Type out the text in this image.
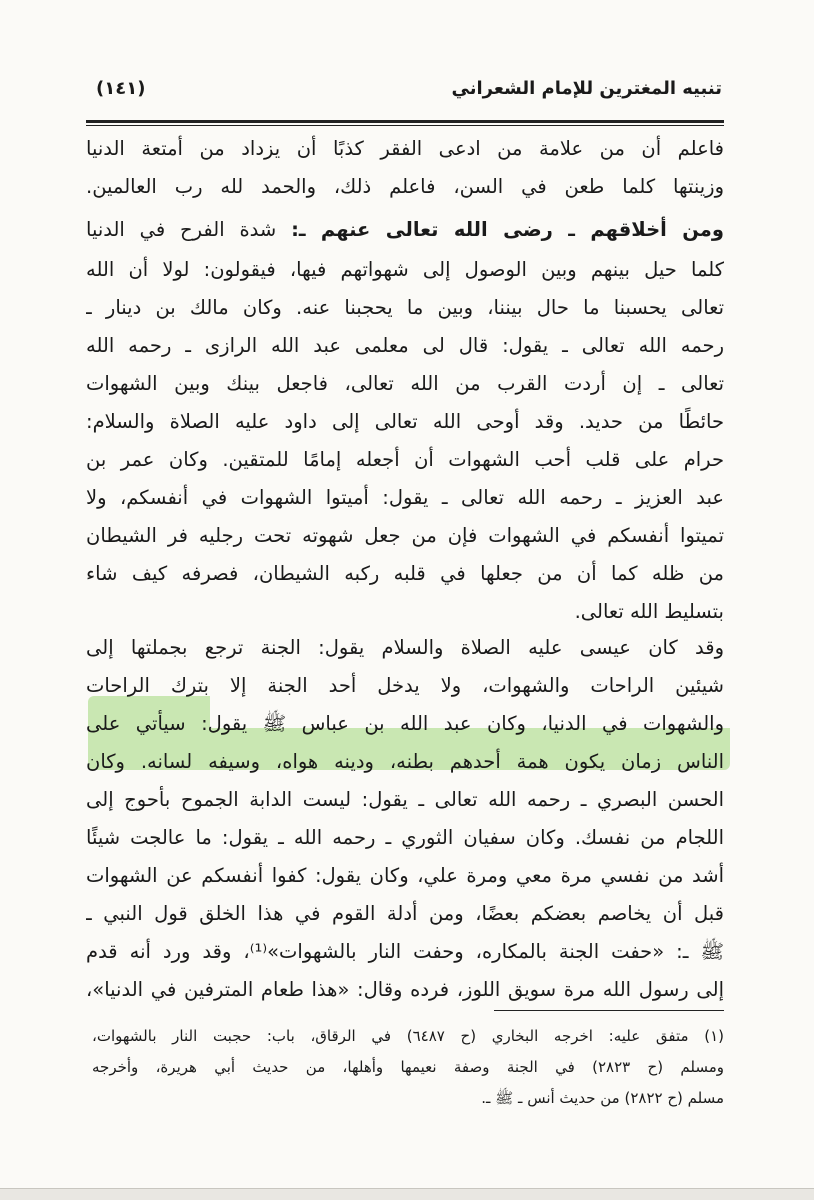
تنبيه المغترين للإمام الشعراني
(١٤١)
فاعلم أن من علامة من ادعى الفقر كذبًا أن يزداد من أمتعة الدنيا
وزينتها كلما طعن في السن، فاعلم ذلك، والحمد لله رب العالمين.
ومن أخلاقهم ـ رضى الله تعالى عنهم ـ: شدة الفرح في الدنيا
كلما حيل بينهم وبين الوصول إلى شهواتهم فيها، فيقولون: لولا أن الله
تعالى يحسبنا ما حال بيننا، وبين ما يحجبنا عنه. وكان مالك بن دينار ـ
رحمه الله تعالى ـ يقول: قال لى معلمى عبد الله الرازى ـ رحمه الله
تعالى ـ إن أردت القرب من الله تعالى، فاجعل بينك وبين الشهوات
حائطًا من حديد. وقد أوحى الله تعالى إلى داود عليه الصلاة والسلام:
حرام على قلب أحب الشهوات أن أجعله إمامًا للمتقين. وكان عمر بن
عبد العزيز ـ رحمه الله تعالى ـ يقول: أميتوا الشهوات في أنفسكم، ولا
تميتوا أنفسكم في الشهوات فإن من جعل شهوته تحت رجليه فر الشيطان
من ظله كما أن من جعلها في قلبه ركبه الشيطان، فصرفه كيف شاء
بتسليط الله تعالى.
وقد كان عيسى عليه الصلاة والسلام يقول: الجنة ترجع بجملتها إلى
شيئين الراحات والشهوات، ولا يدخل أحد الجنة إلا بترك الراحات
والشهوات في الدنيا، وكان عبد الله بن عباس ﷺ يقول: سيأتي على
الناس زمان يكون همة أحدهم بطنه، ودينه هواه، وسيفه لسانه. وكان
الحسن البصري ـ رحمه الله تعالى ـ يقول: ليست الدابة الجموح بأحوج إلى
اللجام من نفسك. وكان سفيان الثوري ـ رحمه الله ـ يقول: ما عالجت شيئًا
أشد من نفسي مرة معي ومرة علي، وكان يقول: كفوا أنفسكم عن الشهوات
قبل أن يخاصم بعضكم بعضًا، ومن أدلة القوم في هذا الخلق قول النبي ـ
ﷺ ـ: «حفت الجنة بالمكاره، وحفت النار بالشهوات»⁽¹⁾، وقد ورد أنه قدم
إلى رسول الله مرة سويق اللوز، فرده وقال: «هذا طعام المترفين في الدنيا»،
(١) متفق عليه: اخرجه البخاري (ح ٦٤٨٧) في الرقاق، باب: حجبت النار بالشهوات،
ومسلم (ح ٢٨٢٣) في الجنة وصفة نعيمها وأهلها، من حديث أبي هريرة، وأخرجه
مسلم (ح ٢٨٢٢) من حديث أنس ـ ﷺ ـ.
